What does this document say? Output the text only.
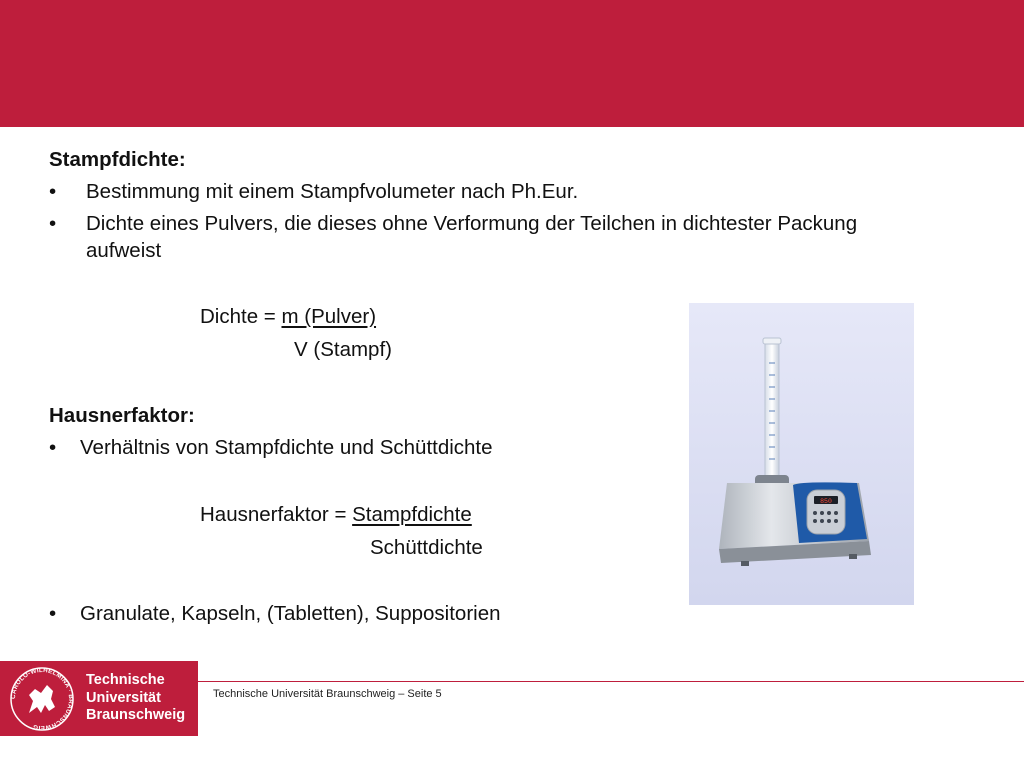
Stampfdichte:
• Bestimmung mit einem Stampfvolumeter nach Ph.Eur.
• Dichte eines Pulvers, die dieses ohne Verformung der Teilchen in dichtester Packung
aufweist
Dichte = m (Pulver)
V (Stampf)
Hausnerfaktor:
• Verhältnis von Stampfdichte und Schüttdichte
Hausnerfaktor = Stampfdichte
Schüttdichte
• Granulate, Kapseln, (Tabletten), Suppositorien
850
CAROLO-WILHELMINA · BRAUNSCHWEIG
Technische
Universität
Braunschweig
Technische Universität Braunschweig – Seite 5
